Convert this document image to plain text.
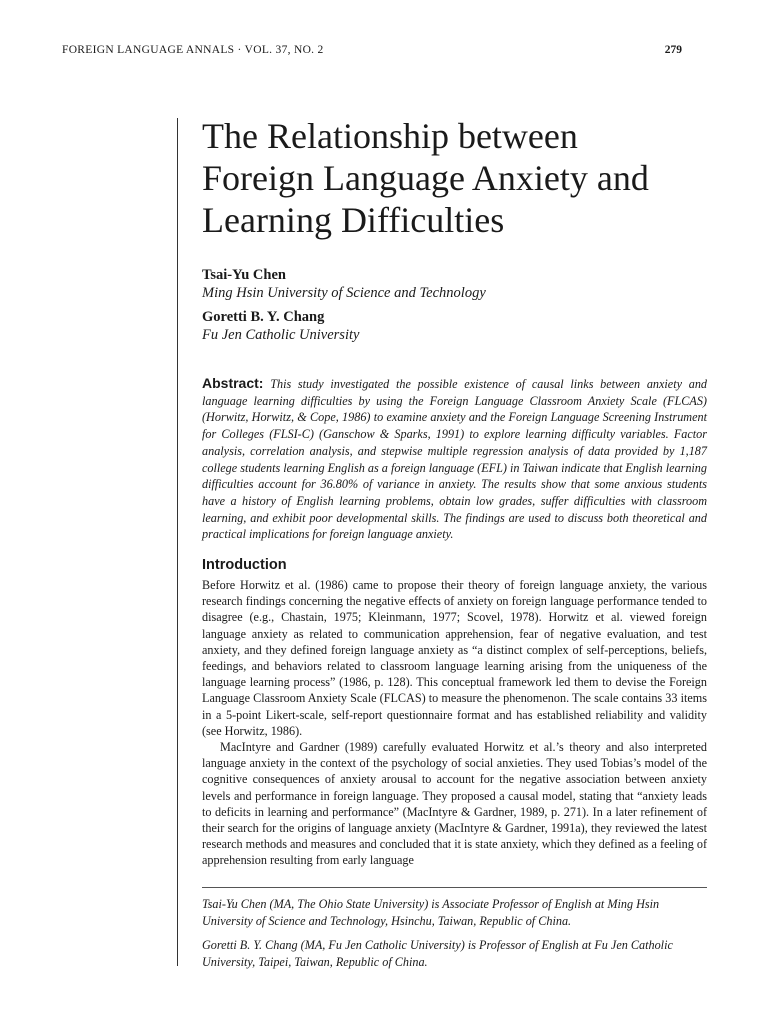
FOREIGN LANGUAGE ANNALS · VOL. 37, NO. 2	279
The Relationship between
Foreign Language Anxiety and
Learning Difficulties
Tsai-Yu Chen
Ming Hsin University of Science and Technology
Goretti B. Y. Chang
Fu Jen Catholic University

Abstract: This study investigated the possible existence of causal links between anxiety and language learning difficulties by using the Foreign Language Classroom Anxiety Scale (FLCAS) (Horwitz, Horwitz, & Cope, 1986) to examine anxiety and the Foreign Language Screening Instrument for Colleges (FLSI-C) (Ganschow & Sparks, 1991) to explore learning difficulty variables. Factor analysis, correlation analysis, and stepwise multiple regression analysis of data provided by 1,187 college students learning English as a foreign language (EFL) in Taiwan indicate that English learning difficulties account for 36.80% of variance in anxiety. The results show that some anxious students have a history of English learning problems, obtain low grades, suffer difficulties with classroom learning, and exhibit poor developmental skills. The findings are used to discuss both theoretical and practical implications for foreign language anxiety.

Introduction

Before Horwitz et al. (1986) came to propose their theory of foreign language anxiety, the various research findings concerning the negative effects of anxiety on foreign language performance tended to disagree (e.g., Chastain, 1975; Kleinmann, 1977; Scovel, 1978). Horwitz et al. viewed foreign language anxiety as related to communication apprehension, fear of negative evaluation, and test anxiety, and they defined foreign language anxiety as “a distinct complex of self-perceptions, beliefs, feedings, and behaviors related to classroom language learning arising from the uniqueness of the language learning process” (1986, p. 128). This conceptual framework led them to devise the Foreign Language Classroom Anxiety Scale (FLCAS) to measure the phenomenon. The scale contains 33 items in a 5-point Likert-scale, self-report questionnaire format and has established reliability and validity (see Horwitz, 1986).

MacIntyre and Gardner (1989) carefully evaluated Horwitz et al.’s theory and also interpreted language anxiety in the context of the psychology of social anxieties. They used Tobias’s model of the cognitive consequences of anxiety arousal to account for the negative association between anxiety levels and performance in foreign language. They proposed a causal model, stating that “anxiety leads to deficits in learning and performance” (MacIntyre & Gardner, 1989, p. 271). In a later refinement of their search for the origins of language anxiety (MacIntyre & Gardner, 1991a), they reviewed the latest research methods and measures and concluded that it is state anxiety, which they defined as a feeling of apprehension resulting from early language

Tsai-Yu Chen (MA, The Ohio State University) is Associate Professor of English at Ming Hsin University of Science and Technology, Hsinchu, Taiwan, Republic of China.

Goretti B. Y. Chang (MA, Fu Jen Catholic University) is Professor of English at Fu Jen Catholic University, Taipei, Taiwan, Republic of China.
